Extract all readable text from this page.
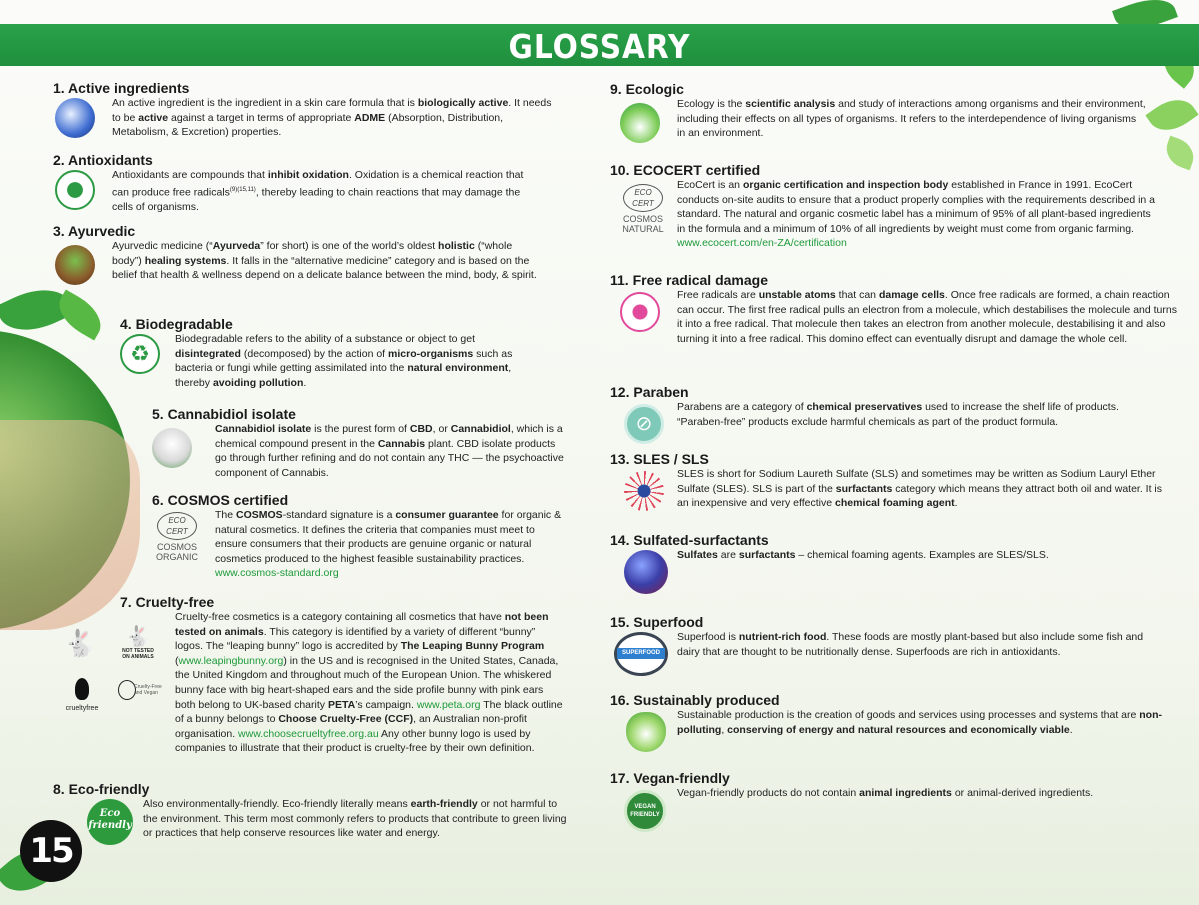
GLOSSARY
1. Active ingredients
An active ingredient is the ingredient in a skin care formula that is biologically active. It needs to be active against a target in terms of appropriate ADME (Absorption, Distribution, Metabolism, & Excretion) properties.
2. Antioxidants
Antioxidants are compounds that inhibit oxidation. Oxidation is a chemical reaction that can produce free radicals$^{(9)(15,11)}$, thereby leading to chain reactions that may damage the cells of organisms.
3. Ayurvedic
Ayurvedic medicine (“Ayurveda” for short) is one of the world’s oldest holistic (“whole body”) healing systems. It falls in the “alternative medicine” category and is based on the belief that health & wellness depend on a delicate balance between the mind, body, & spirit.
4. Biodegradable
♻
Biodegradable refers to the ability of a substance or object to get disintegrated (decomposed) by the action of micro-organisms such as bacteria or fungi while getting assimilated into the natural environment, thereby avoiding pollution.
5. Cannabidiol isolate
Cannabidiol isolate is the purest form of CBD, or Cannabidiol, which is a chemical compound present in the Cannabis plant. CBD isolate products go through further refining and do not contain any THC — the psychoactive component of Cannabis.
6. COSMOS certified
ECO
CERT
COSMOS
ORGANIC
The COSMOS-standard signature is a consumer guarantee for organic & natural cosmetics. It defines the criteria that companies must meet to ensure consumers that their products are genuine organic or natural cosmetics produced to the highest feasible sustainability practices. www.cosmos-standard.org
7. Cruelty-free
🐇	🐇
NOT TESTED ON ANIMALS
crueltyfree
Cruelty-Free and Vegan
Cruelty-free cosmetics is a category containing all cosmetics that have not been tested on animals. This category is identified by a variety of different “bunny” logos. The “leaping bunny” logo is accredited by The Leaping Bunny Program (www.leapingbunny.org) in the US and is recognised in the United States, Canada, the United Kingdom and throughout much of the European Union. The whiskered bunny face with big heart-shaped ears and the side profile bunny with pink ears both belong to UK-based charity PETA’s campaign. www.peta.org The black outline of a bunny belongs to Choose Cruelty-Free (CCF), an Australian non-profit organisation. www.choosecrueltyfree.org.au Any other bunny logo is used by companies to illustrate that their product is cruelty-free by their own definition.
8. Eco-friendly
Eco friendly
Also environmentally-friendly. Eco-friendly literally means earth-friendly or not harmful to the environment. This term most commonly refers to products that contribute to green living or practices that help conserve resources like water and energy.
15
9. Ecologic
Ecology is the scientific analysis and study of interactions among organisms and their environment, including their effects on all types of organisms. It refers to the interdependence of living organisms in an environment.
10. ECOCERT certified
ECO
CERT
COSMOS
NATURAL
EcoCert is an organic certification and inspection body established in France in 1991. EcoCert conducts on-site audits to ensure that a product properly complies with the requirements described in a standard. The natural and organic cosmetic label has a minimum of 95% of all plant-based ingredients in the formula and a minimum of 10% of all ingredients by weight must come from organic farming. www.ecocert.com/en-ZA/certification
11. Free radical damage
Free radicals are unstable atoms that can damage cells. Once free radicals are formed, a chain reaction can occur. The first free radical pulls an electron from a molecule, which destabilises the molecule and turns it into a free radical. That molecule then takes an electron from another molecule, destabilising it and also turning it into a free radical. This domino effect can eventually disrupt and damage the whole cell.
12. Paraben
⊘
Parabens are a category of chemical preservatives used to increase the shelf life of products. “Paraben-free” products exclude harmful chemicals as part of the product formula.
13. SLES / SLS
SLES is short for Sodium Laureth Sulfate (SLS) and sometimes may be written as Sodium Lauryl Ether Sulfate (SLES). SLS is part of the surfactants category which means they attract both oil and water. It is an inexpensive and very effective chemical foaming agent.
14. Sulfated-surfactants
Sulfates are surfactants – chemical foaming agents. Examples are SLES/SLS.
15. Superfood
SUPERFOOD
Superfood is nutrient-rich food. These foods are mostly plant-based but also include some fish and dairy that are thought to be nutritionally dense. Superfoods are rich in antioxidants.
16. Sustainably produced
Sustainable production is the creation of goods and services using processes and systems that are non-polluting, conserving of energy and natural resources and economically viable.
17. Vegan-friendly
VEGAN FRIENDLY
Vegan-friendly products do not contain animal ingredients or animal-derived ingredients.
